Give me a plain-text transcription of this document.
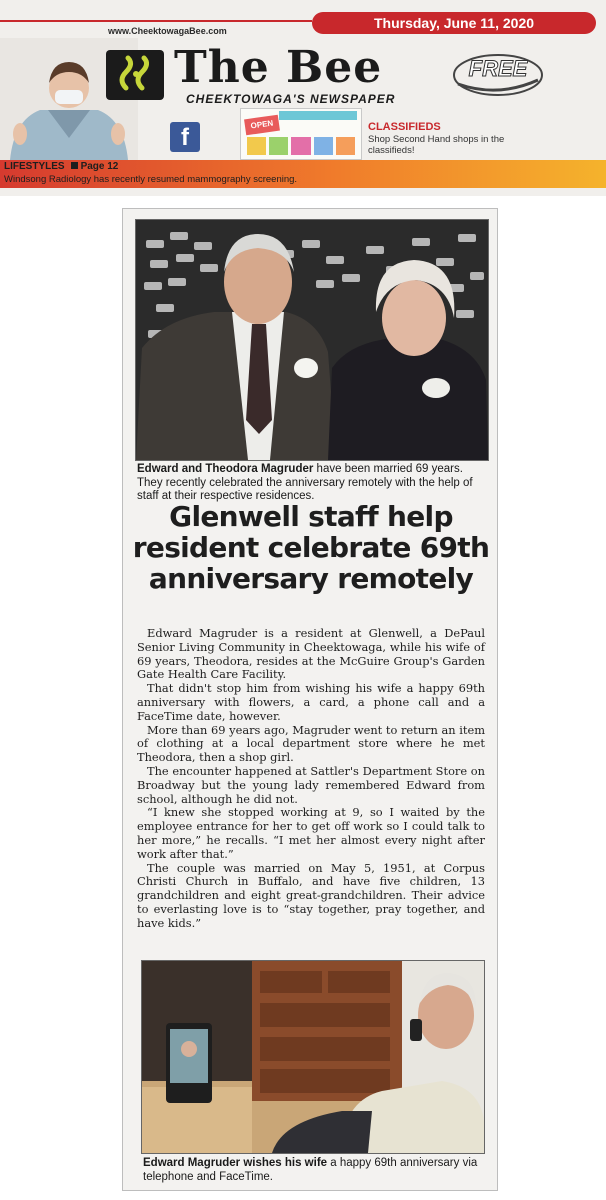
www.CheektowagaBee.com	Thursday, June 11, 2020
The Bee
CHEEKTOWAGA'S NEWSPAPER
FREE
f	OPEN	CLASSIFIEDS
Shop Second Hand shops in the classifieds!
LIFESTYLES Page 12
Windsong Radiology has recently resumed mammography screening.
Edward and Theodora Magruder have been married 69 years. They recently celebrated the anniversary remotely with the help of staff at their respective residences.
Glenwell staff help resident celebrate 69th anniversary remotely

Edward Magruder is a resident at Glenwell, a DePaul Senior Living Community in Cheektowaga, while his wife of 69 years, Theodora, resides at the McGuire Group's Garden Gate Health Care Facility.

That didn't stop him from wishing his wife a happy 69th anniversary with flowers, a card, a phone call and a FaceTime date, however.

More than 69 years ago, Magruder went to return an item of clothing at a local department store where he met Theodora, then a shop girl.

The encounter happened at Sattler's Department Store on Broadway but the young lady remembered Edward from school, although he did not.

“I knew she stopped working at 9, so I waited by the employee entrance for her to get off work so I could talk to her more,” he recalls. “I met her almost every night after work after that.”

The couple was married on May 5, 1951, at Corpus Christi Church in Buffalo, and have five children, 13 grandchildren and eight great-grandchildren. Their advice to everlasting love is to “stay together, pray together, and have kids.”

Edward Magruder wishes his wife a happy 69th anniversary via telephone and FaceTime.
